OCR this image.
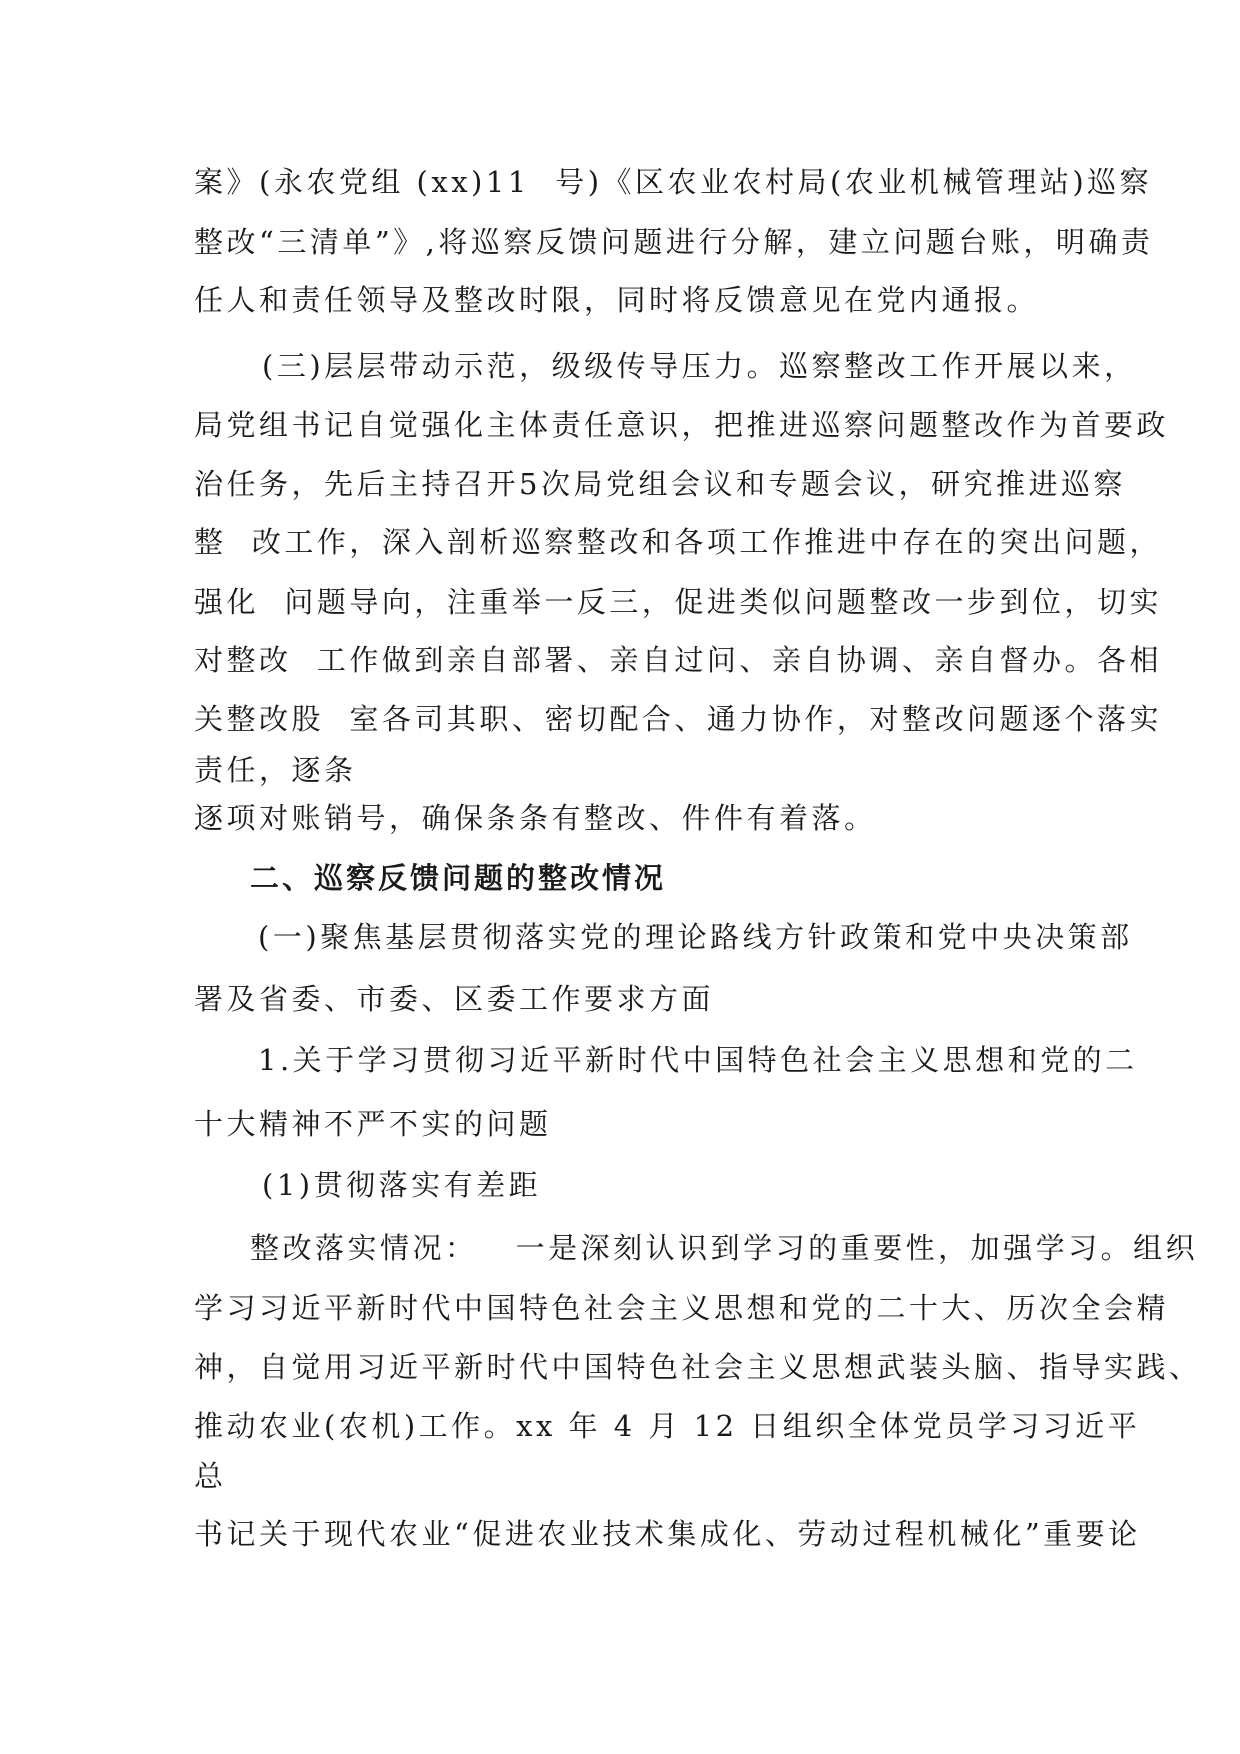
案》(永农党组 (xx)11  号)《区农业农村局(农业机械管理站)巡察
整改“三清单”》,将巡察反馈问题进行分解，建立问题台账，明确责
任人和责任领导及整改时限，同时将反馈意见在党内通报。
(三)层层带动示范，级级传导压力。巡察整改工作开展以来，
局党组书记自觉强化主体责任意识，把推进巡察问题整改作为首要政
治任务，先后主持召开5次局党组会议和专题会议，研究推进巡察
整  改工作，深入剖析巡察整改和各项工作推进中存在的突出问题，
强化  问题导向，注重举一反三，促进类似问题整改一步到位，切实
对整改  工作做到亲自部署、亲自过问、亲自协调、亲自督办。各相
关整改股  室各司其职、密切配合、通力协作，对整改问题逐个落实
责任，逐条
逐项对账销号，确保条条有整改、件件有着落。
二、巡察反馈问题的整改情况
(一)聚焦基层贯彻落实党的理论路线方针政策和党中央决策部
署及省委、市委、区委工作要求方面
1.关于学习贯彻习近平新时代中国特色社会主义思想和党的二
十大精神不严不实的问题
(1)贯彻落实有差距
整改落实情况：   一是深刻认识到学习的重要性，加强学习。组织
学习习近平新时代中国特色社会主义思想和党的二十大、历次全会精
神，自觉用习近平新时代中国特色社会主义思想武装头脑、指导实践、
推动农业(农机)工作。xx 年 4 月 12 日组织全体党员学习习近平
总
书记关于现代农业“促进农业技术集成化、劳动过程机械化”重要论
